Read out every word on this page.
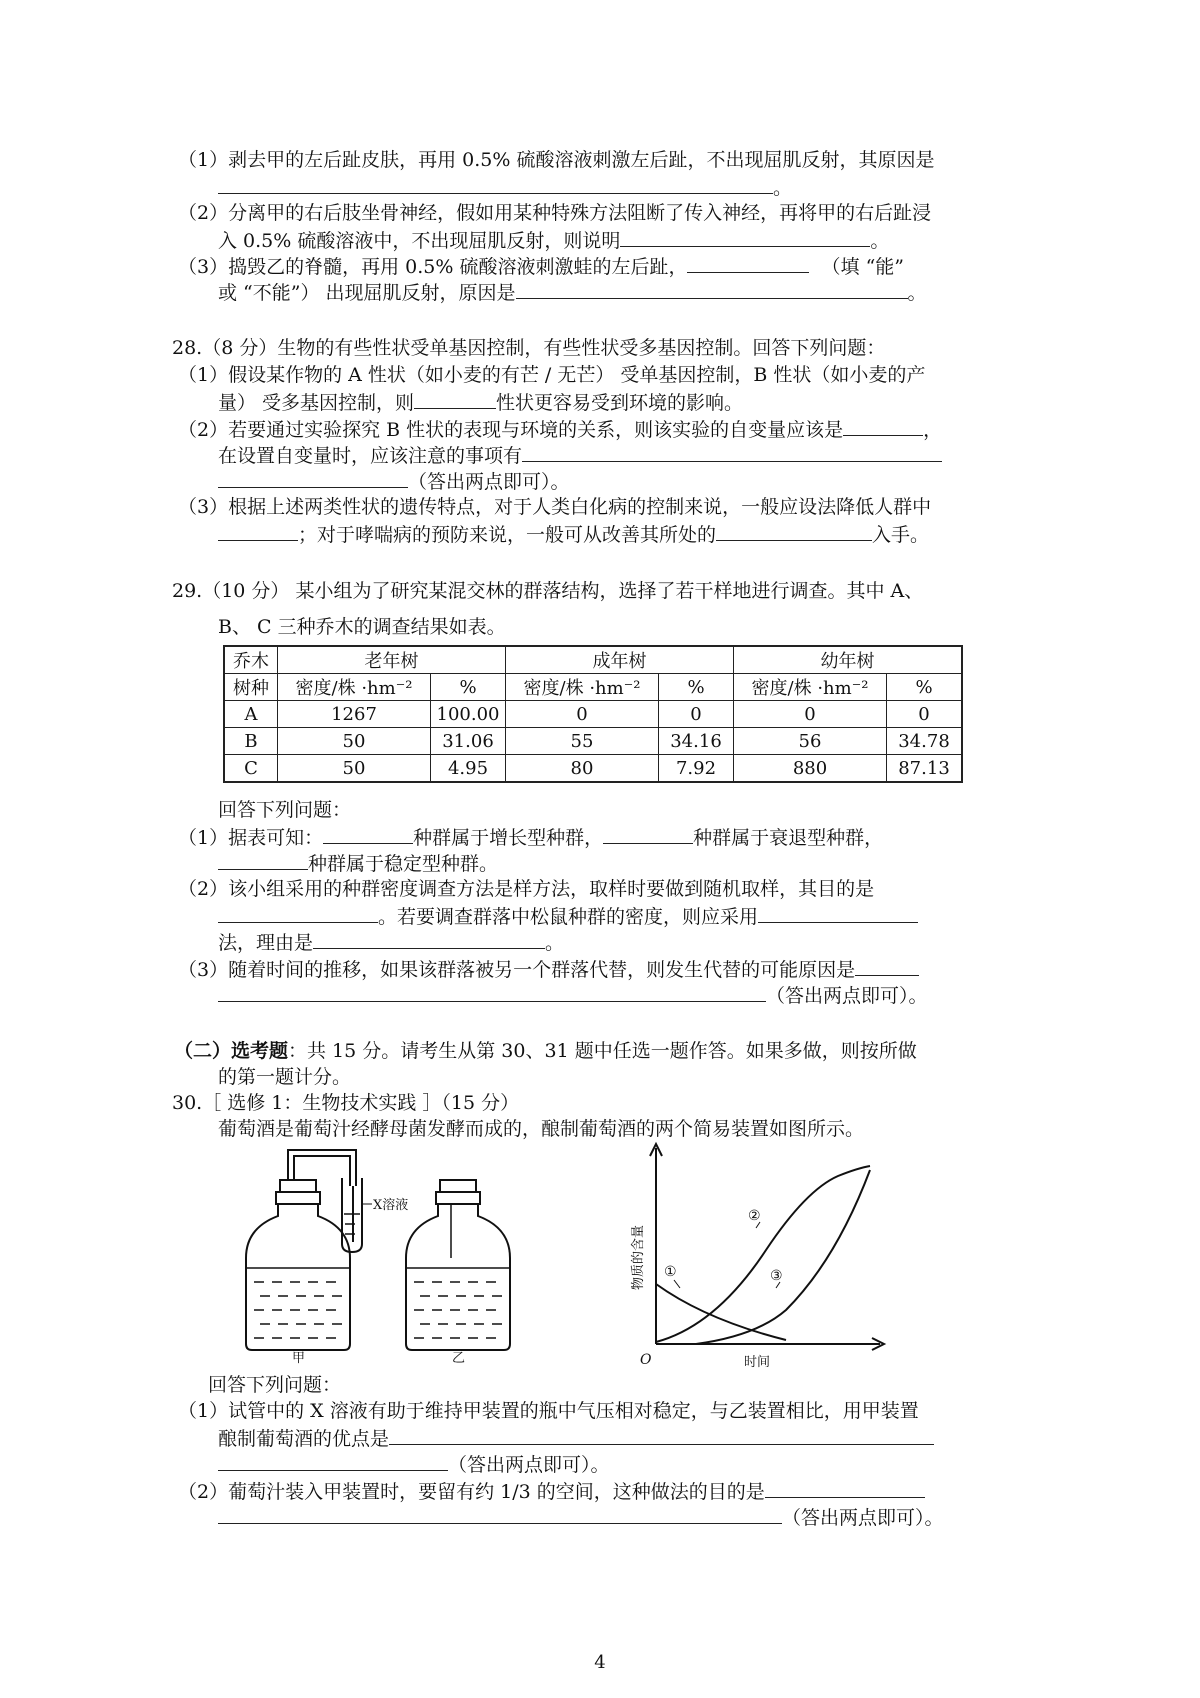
（1）剥去甲的左后趾皮肤，再用 0.5% 硫酸溶液刺激左后趾，不出现屈肌反射，其原因是
。
（2）分离甲的右后肢坐骨神经，假如用某种特殊方法阻断了传入神经，再将甲的右后趾浸
入 0.5% 硫酸溶液中，不出现屈肌反射，则说明	。
（3）捣毁乙的脊髓，再用 0.5% 硫酸溶液刺激蛙的左后趾，	（填 “能”
或 “不能”） 出现屈肌反射，原因是	。
28.（8 分）生物的有些性状受单基因控制，有些性状受多基因控制。回答下列问题：
（1）假设某作物的 A 性状（如小麦的有芒 / 无芒） 受单基因控制，B 性状（如小麦的产
量） 受多基因控制，则	性状更容易受到环境的影响。
（2）若要通过实验探究 B 性状的表现与环境的关系，则该实验的自变量应该是	，
在设置自变量时，应该注意的事项有
（答出两点即可）。
（3）根据上述两类性状的遗传特点，对于人类白化病的控制来说，一般应设法降低人群中
；对于哮喘病的预防来说，一般可从改善其所处的	入手。
29.（10 分） 某小组为了研究某混交林的群落结构，选择了若干样地进行调查。其中 A、
B、 C 三种乔木的调查结果如表。
乔木	老年树		成年树		幼年树	
树种	密度/株 ·hm⁻²	%	密度/株 ·hm⁻²	%	密度/株 ·hm⁻²	%
A	1267	100.00	0	0	0	0
B	50	31.06	55	34.16	56	34.78
C	50	4.95	80	7.92	880	87.13
回答下列问题：
（1）据表可知：	种群属于增长型种群，	种群属于衰退型种群，
种群属于稳定型种群。
（2）该小组采用的种群密度调查方法是样方法，取样时要做到随机取样，其目的是
。若要调查群落中松鼠种群的密度，则应采用
法，理由是	。
（3）随着时间的推移，如果该群落被另一个群落代替，则发生代替的可能原因是
（答出两点即可）。
（二）选考题：共 15 分。请考生从第 30、31 题中任选一题作答。如果多做，则按所做
的第一题计分。
30.［ 选修 1：生物技术实践 ］（15 分）
葡萄酒是葡萄汁经酵母菌发酵而成的，酿制葡萄酒的两个简易装置如图所示。
X溶液
甲	乙
物质的含量
O	时间
①
②
③
回答下列问题：
（1）试管中的 X 溶液有助于维持甲装置的瓶中气压相对稳定，与乙装置相比，用甲装置
酿制葡萄酒的优点是
（答出两点即可）。
（2）葡萄汁装入甲装置时，要留有约 1/3 的空间，这种做法的目的是
（答出两点即可）。
4
